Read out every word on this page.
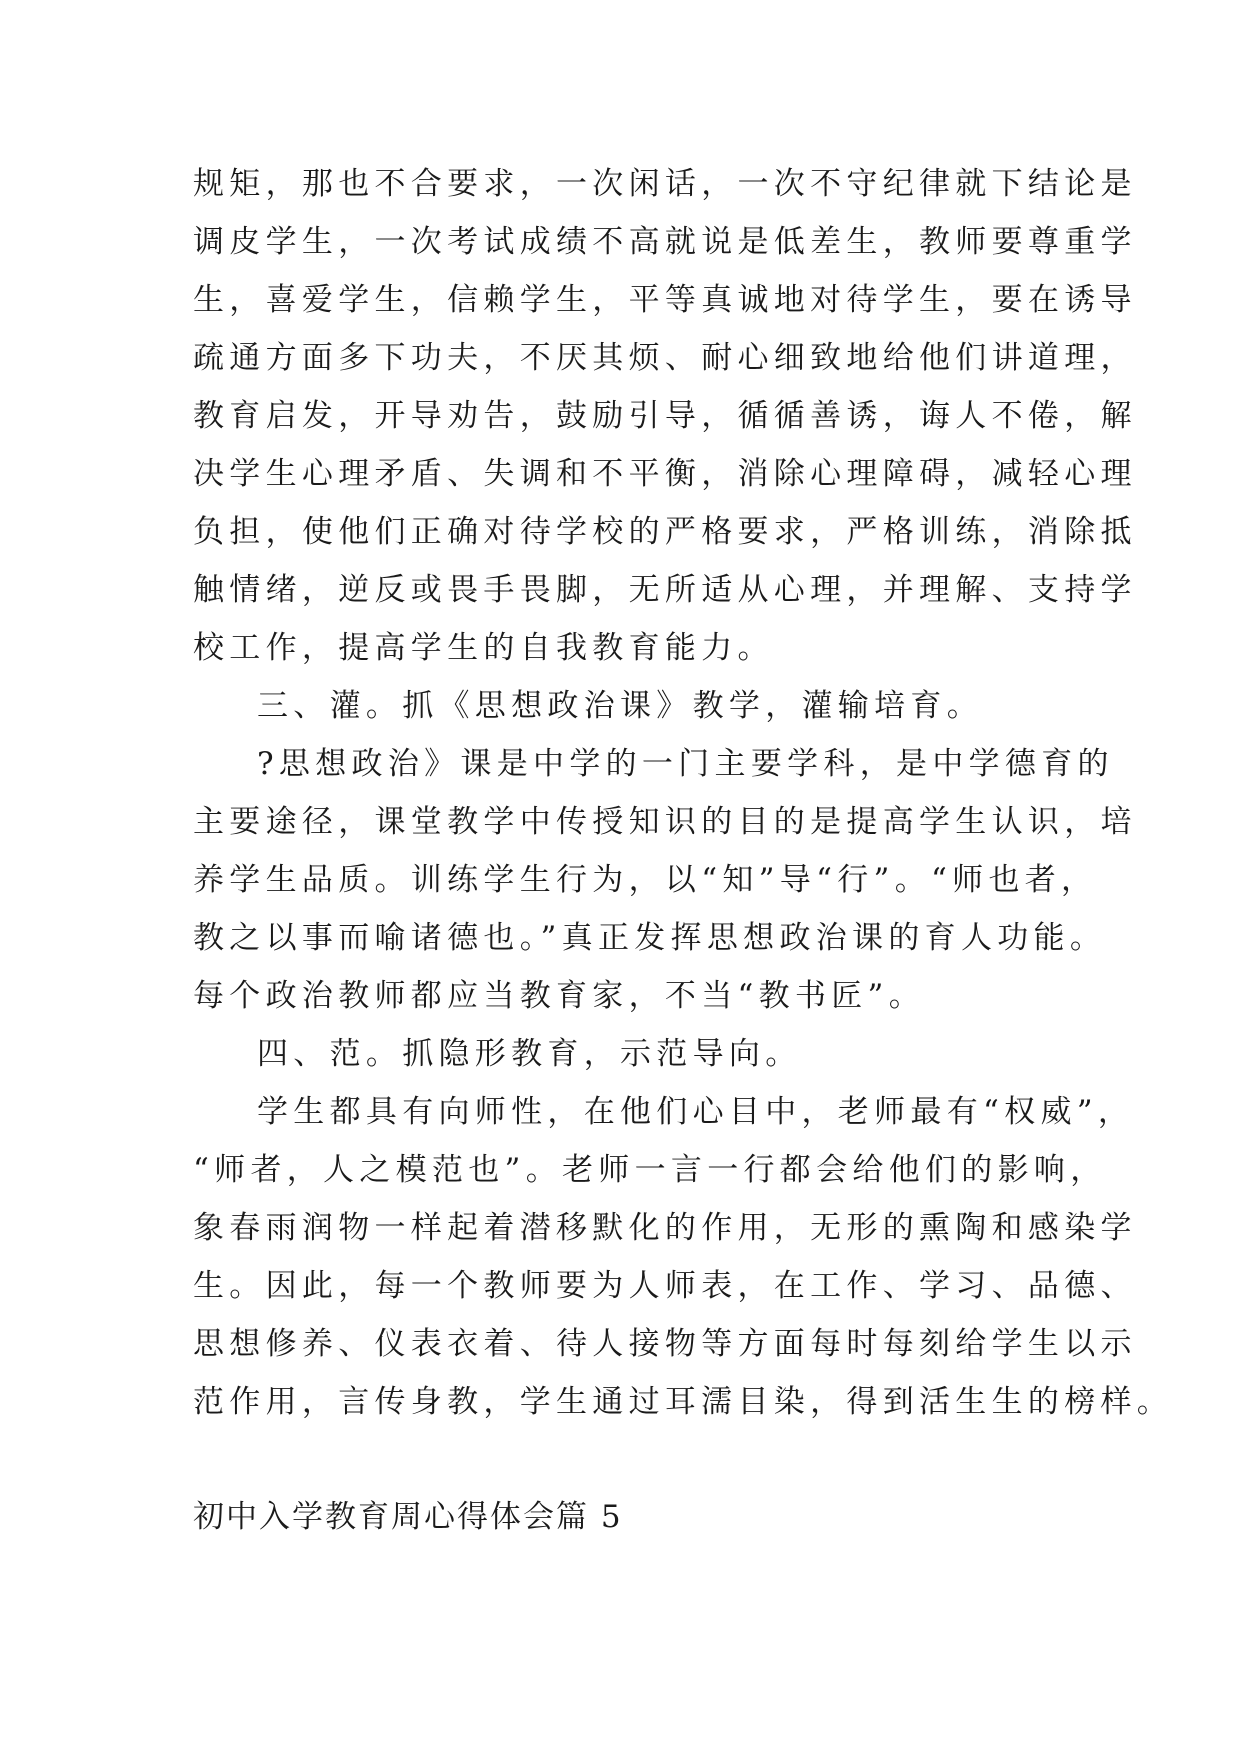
规矩，那也不合要求，一次闲话，一次不守纪律就下结论是
调皮学生，一次考试成绩不高就说是低差生，教师要尊重学
生，喜爱学生，信赖学生，平等真诚地对待学生，要在诱导
疏通方面多下功夫，不厌其烦、耐心细致地给他们讲道理，
教育启发，开导劝告，鼓励引导，循循善诱，诲人不倦，解
决学生心理矛盾、失调和不平衡，消除心理障碍，减轻心理
负担，使他们正确对待学校的严格要求，严格训练，消除抵
触情绪，逆反或畏手畏脚，无所适从心理，并理解、支持学
校工作，提高学生的自我教育能力。
三、灌。抓《思想政治课》教学，灌输培育。
?思想政治》课是中学的一门主要学科，是中学德育的
主要途径，课堂教学中传授知识的目的是提高学生认识，培
养学生品质。训练学生行为，以“知”导“行”。“师也者，
教之以事而喻诸德也。”真正发挥思想政治课的育人功能。
每个政治教师都应当教育家，不当“教书匠”。
四、范。抓隐形教育，示范导向。
学生都具有向师性，在他们心目中，老师最有“权威”，
“师者，人之模范也”。老师一言一行都会给他们的影响，
象春雨润物一样起着潜移默化的作用，无形的熏陶和感染学
生。因此，每一个教师要为人师表，在工作、学习、品德、
思想修养、仪表衣着、待人接物等方面每时每刻给学生以示
范作用，言传身教，学生通过耳濡目染，得到活生生的榜样。
初中入学教育周心得体会篇 5
